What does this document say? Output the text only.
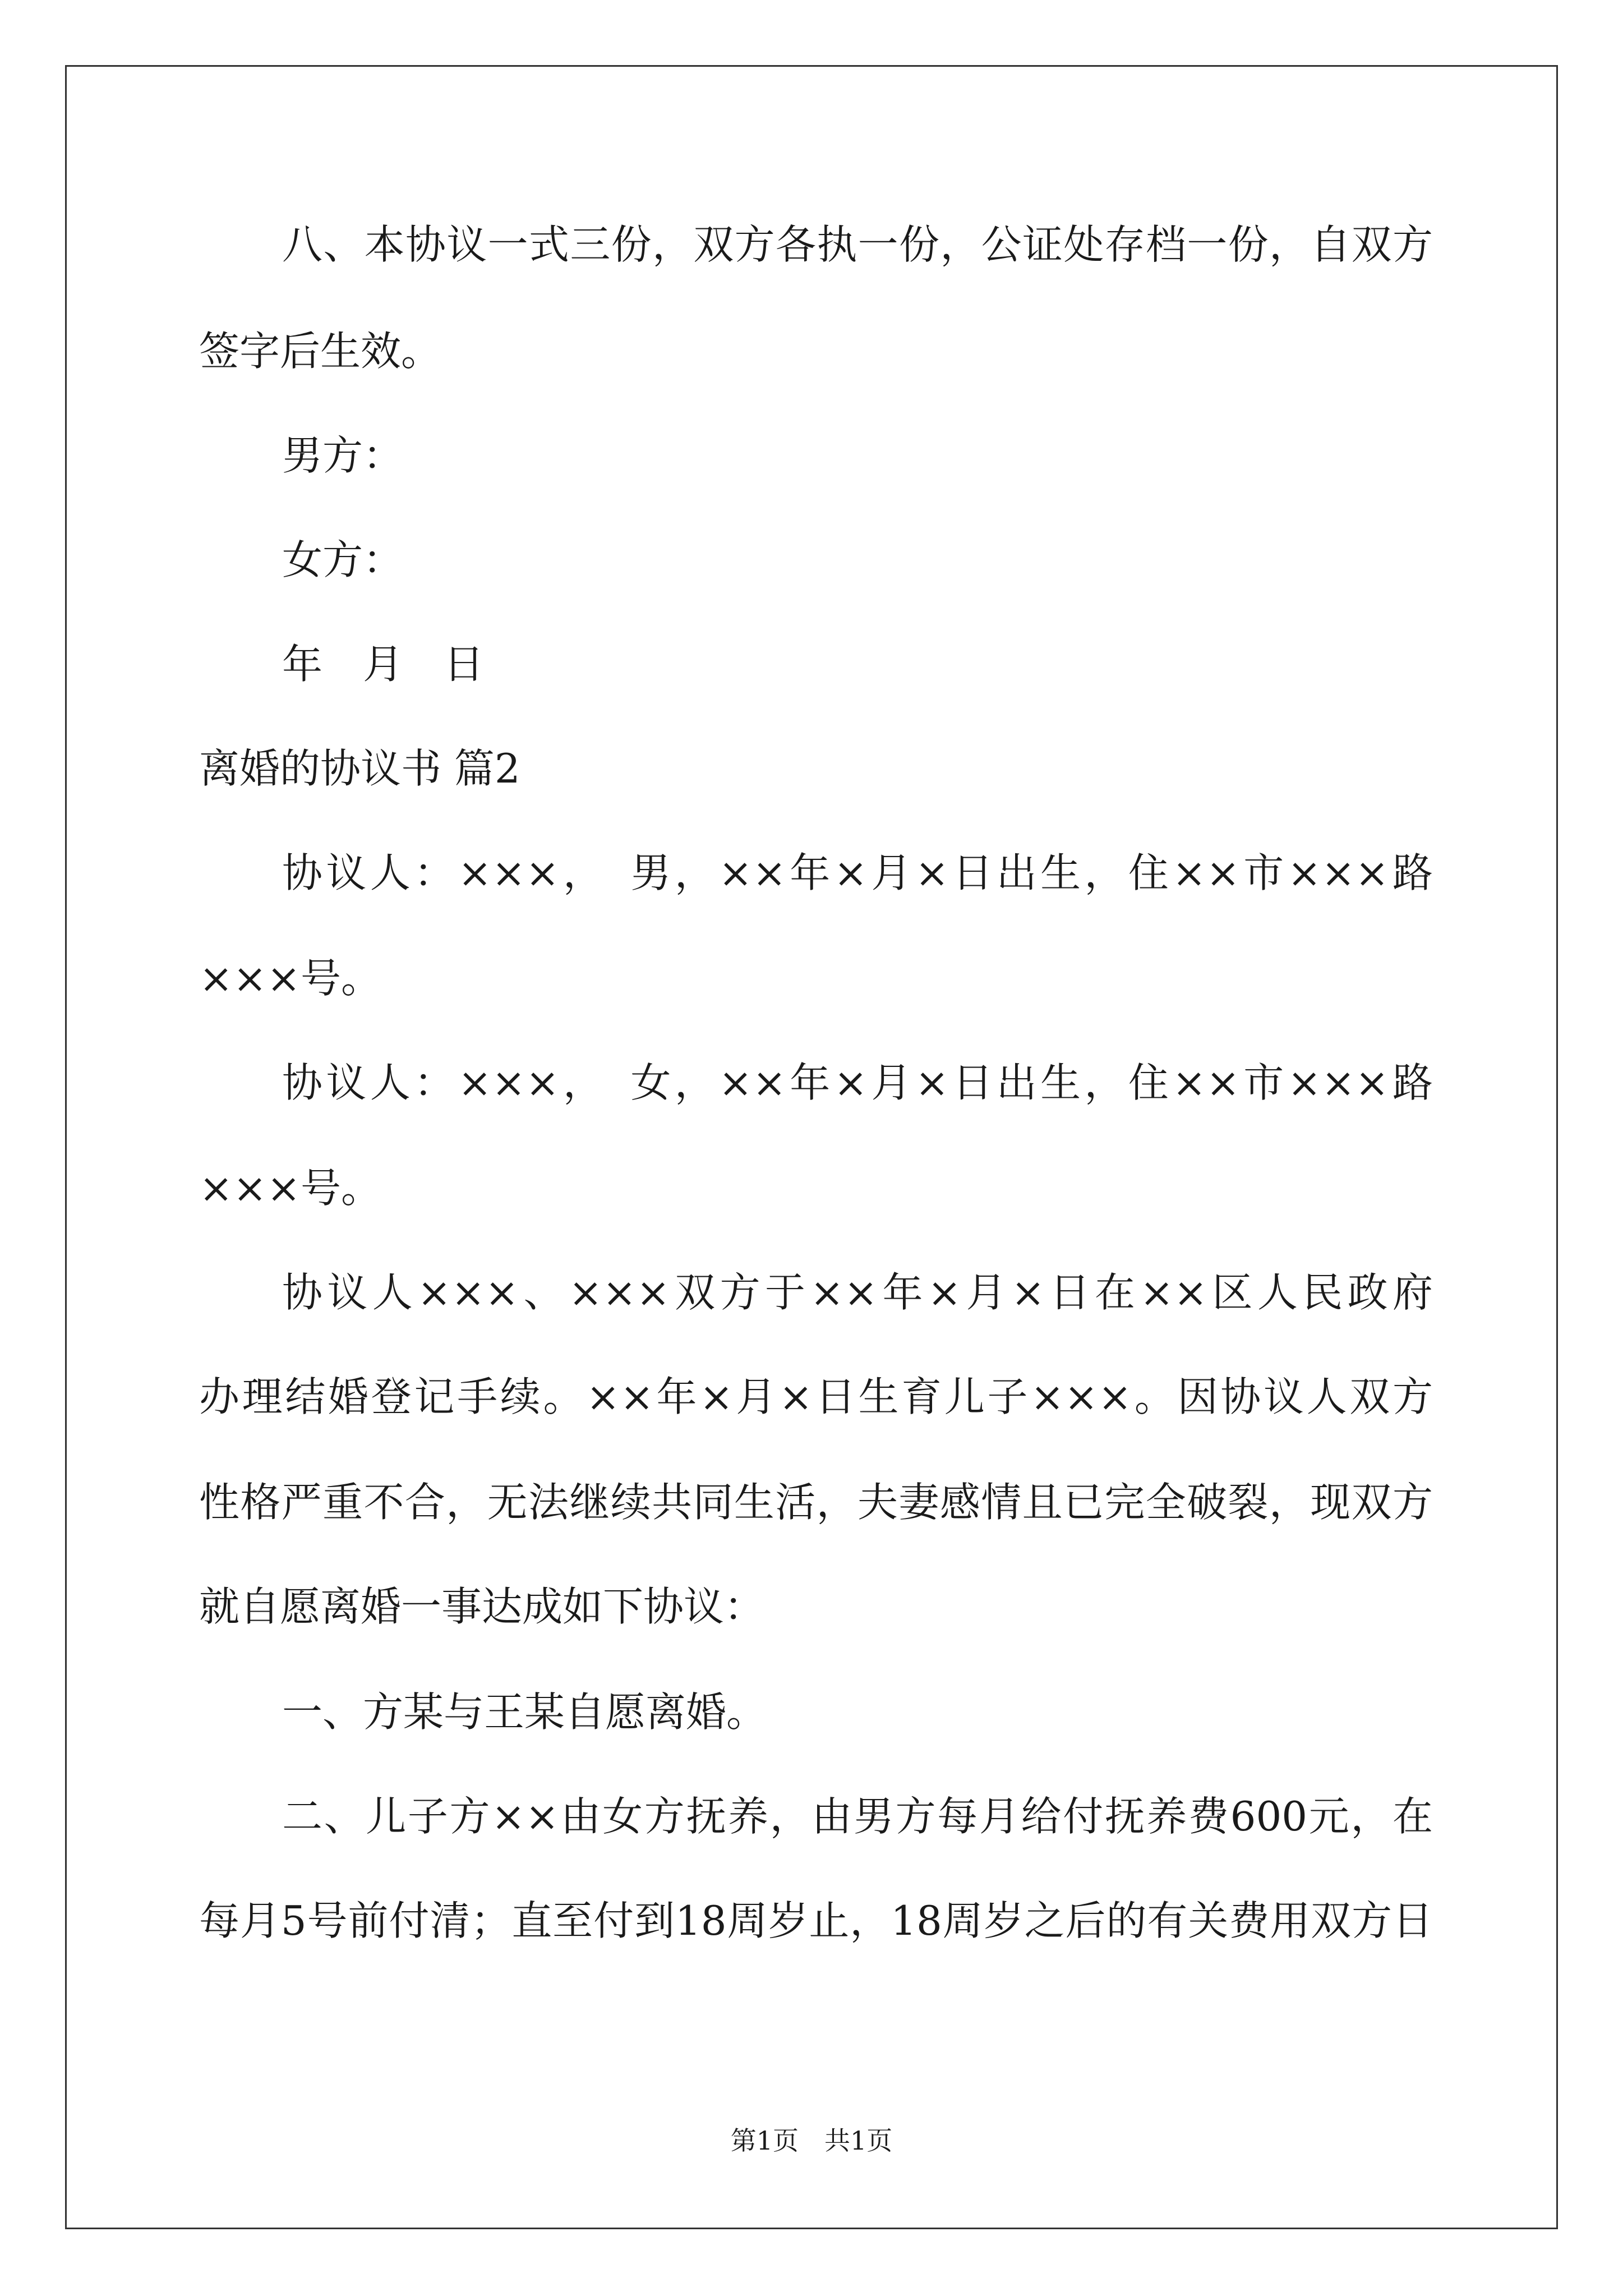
八、本协议一式三份，双方各执一份，公证处存档一份，自双方
签字后生效。
男方：
女方：
年　月　日
离婚的协议书 篇2
协议人：×××，　男，××年×月×日出生，住××市×××路
×××号。
协议人：×××，　女，××年×月×日出生，住××市×××路
×××号。
协议人×××、×××双方于××年×月×日在××区人民政府
办理结婚登记手续。××年×月×日生育儿子×××。因协议人双方
性格严重不合，无法继续共同生活，夫妻感情且已完全破裂，现双方
就自愿离婚一事达成如下协议：
一、方某与王某自愿离婚。
二、儿子方××由女方抚养，由男方每月给付抚养费600元，在
每月5号前付清；直至付到18周岁止，18周岁之后的有关费用双方日
第1页　共1页
